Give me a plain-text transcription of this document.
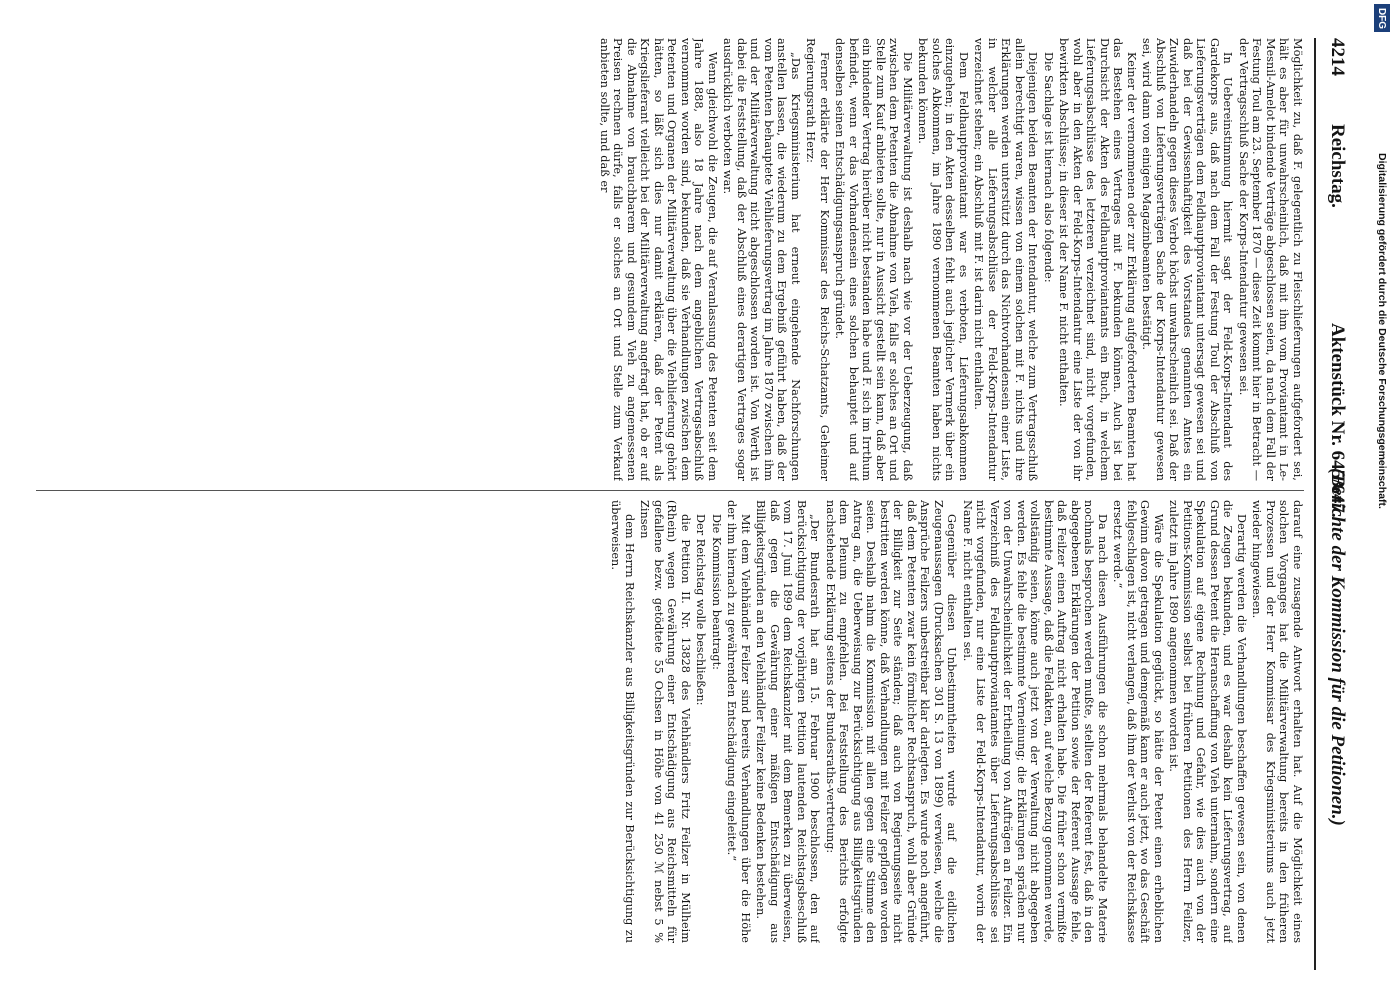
4214
Reichstag.
Aktenstück Nr. 645/647.
(Berichte der Kommission für die Petitionen.)

Möglichkeit zu, daß F. gelegentlich zu Fleischlieferungen aufgefordert sei, hält es aber für unwahrscheinlich, daß mit ihm vom Proviantamt in Le-Mesnil-Amelot bindende Verträge abgeschlossen seien, da nach dem Fall der Festung Toul am 23. September 1870 — diese Zeit kommt hier in Betracht — der Vertragsschluß Sache der Korps-Intendantur gewesen sei.

In Uebereinstimmung hiermit sagt der Feld-Korps-Intendant des Gardekorps aus, daß nach dem Fall der Festung Toul der Abschluß von Lieferungsverträgen dem Feldhauptproviantamt untersagt gewesen sei und daß bei der Gewissenhaftigkeit des Vorstandes genannten Amtes ein Zuwiderhandeln gegen dieses Verbot höchst unwahrscheinlich sei. Daß der Abschluß von Lieferungsverträgen Sache der Korps-Intendantur gewesen sei, wird dann von einigen Magazinbeamten bestätigt.

Keiner der vernommenen oder zur Erklärung aufgeforderten Beamten hat das Bestehen eines Vertrages mit F. bekunden können. Auch ist bei Durchsicht der Akten des Feldhauptproviantamts ein Buch, in welchem Lieferungsabschlüsse des letzteren verzeichnet sind, nicht vorgefunden, wohl aber in den Akten der Feld-Korps-Intendantur eine Liste der von ihr bewirkten Abschlüsse; in dieser ist der Name F. nicht enthalten.

Die Sachlage ist hiernach also folgende:

Diejenigen beiden Beamten der Intendantur, welche zum Vertragsschluß allein berechtigt waren, wissen von einem solchen mit F. nichts und ihre Erklärungen werden unterstützt durch das Nichtvorhandensein einer Liste, in welcher alle Lieferungsabschlüsse der Feld-Korps-Intendantur verzeichnet stehen; ein Abschluß mit F. ist darin nicht enthalten.

Dem Feldhauptproviantamt war es verboten, Lieferungsabkommen einzugehen; in den Akten desselben fehlt auch jeglicher Vermerk über ein solches Abkommen, im Jahre 1890 vernommenen Beamten haben nichts bekunden können.

Die Militärverwaltung ist deshalb nach wie vor der Ueberzeugung, daß zwischen dem Petenten die Abnahme von Vieh, falls er solches an Ort und Stelle zum Kauf anbieten sollte, nur in Aussicht gestellt sein kann, daß aber ein bindender Vertrag hierüber nicht bestanden habe und F. sich im Irrthum befindet, wenn er das Vorhandensein eines solchen behauptet und auf denselben seinen Entschädigungsanspruch gründet.

Ferner erklärte der Herr Kommissar des Reichs-Schatzamts, Geheimer Regierungsrath Herz:

„Das Kriegsministerium hat erneut eingehende Nachforschungen anstellen lassen, die wiederum zu dem Ergebniß geführt haben, daß der vom Petenten behauptete Viehlieferungsvertrag im Jahre 1870 zwischen ihm und der Militärverwaltung nicht abgeschlossen worden ist. Von Werth ist dabei die Feststellung, daß der Abschluß eines derartigen Vertrages sogar ausdrücklich verboten war.

Wenn gleichwohl die Zeugen, die auf Veranlassung des Petenten seit dem Jahre 1888, also 18 Jahre nach dem angeblichen Vertragsabschluß vernommen worden sind, bekunden, daß sie Verhandlungen zwischen dem Petenten und Organen der Militärverwaltung über die Viehlieferung gehört hätten, so läßt sich dies nur damit erklären, daß der Petent als Kriegslieferant vielleicht bei der Militärverwaltung angefragt hat, ob er auf die Abnahme von brauchbarem und gesundem Vieh zu angemessenen Preisen rechnen dürfe, falls er solches an Ort und Stelle zum Verkauf anbieten sollte, und daß er

darauf eine zusagende Antwort erhalten hat. Auf die Möglichkeit eines solchen Vorganges hat die Militärverwaltung bereits in den früheren Prozessen und der Herr Kommissar des Kriegsministeriums auch jetzt wieder hingewiesen.

Derartig werden die Verhandlungen beschaffen gewesen sein, von denen die Zeugen bekunden, und es war deshalb kein Lieferungsvertrag, auf Grund dessen Petent die Heranschaffung von Vieh unternahm, sondern eine Spekulation auf eigene Rechnung und Gefahr, wie dies auch von der Petitions-Kommission selbst bei früheren Petitionen des Herrn Feilzer, zuletzt im Jahre 1890 angenommen worden ist.

Wäre die Spekulation geglückt, so hätte der Petent einen erheblichen Gewinn davon getragen und demgemäß kann er auch jetzt, wo das Geschäft fehlgeschlagen ist, nicht verlangen, daß ihm der Verlust von der Reichskasse ersetzt werde.“

Da nach diesen Ausführungen die schon mehrmals behandelte Materie nochmals besprochen werden mußte, stellten der Referent fest, daß in den abgegebenen Erklärungen der Petition sowie der Referent Aussage fehle, daß Feilzer einen Auftrag nicht erhalten habe. Die früher schon vermißte bestimmte Aussage, daß die Feldakten, auf welche Bezug genommen werde, vollständig seien, könne auch jetzt von der Verwaltung nicht abgegeben werden. Es fehle die bestimmte Verneinung; die Erklärungen sprächen nur von der Unwahrscheinlichkeit der Ertheilung von Aufträgen an Feilzer. Ein Verzeichniß des Feldhauptproviantamtes über Lieferungsabschlüsse sei nicht vorgefunden, nur eine Liste der Feld-Korps-Intendantur, worin der Name F. nicht enthalten sei.

Gegenüber diesen Unbestimmtheiten wurde auf die eidlichen Zeugenaussagen (Drucksachen 301 S. 13 von 1899) verwiesen, welche die Ansprüche Feilzers unbestreitbar klar darlegten. Es wurde noch angeführt, daß dem Petenten zwar kein förmlicher Rechtsanspruch, wohl aber Gründe der Billigkeit zur Seite ständen; daß auch von Regierungsseite nicht bestritten werden könne, daß Verhandlungen mit Feilzer gepflogen worden seien. Deshalb nahm die Kommission mit allen gegen eine Stimme den Antrag an, die Ueberweisung zur Berücksichtigung aus Billigkeitsgründen dem Plenum zu empfehlen. Bei Feststellung des Berichts erfolgte nachstehende Erklärung seitens der Bundesraths-vertretung:

„Der Bundesrath hat am 15. Februar 1900 beschlossen, den auf Berücksichtigung der vorjährigen Petition lautenden Reichstagsbeschluß vom 17. Juni 1899 dem Reichskanzler mit dem Bemerken zu überweisen, daß gegen die Gewährung einer mäßigen Entschädigung aus Billigkeitsgründen an den Viehhändler Feilzer keine Bedenken bestehen.

Mit dem Viehhändler Feilzer sind bereits Verhandlungen über die Höhe der ihm hiernach zu gewährenden Entschädigung eingeleitet.“

Die Kommission beantragt:

Der Reichstag wolle beschließen:

die Petition II. Nr. 13828 des Viehhändlers Fritz Feilzer in Mülheim (Rhein) wegen Gewährung einer Entschädigung aus Reichsmitteln für gefallene bezw. getödtete 55 Ochsen in Höhe von 41 250 ℳ nebst 5 % Zinsen

dem Herrn Reichskanzler aus Billigkeitsgründen zur Berücksichtigung zu überweisen.

DFG
Digitalisierung gefördert durch die Deutsche Forschungsgemeinschaft.
